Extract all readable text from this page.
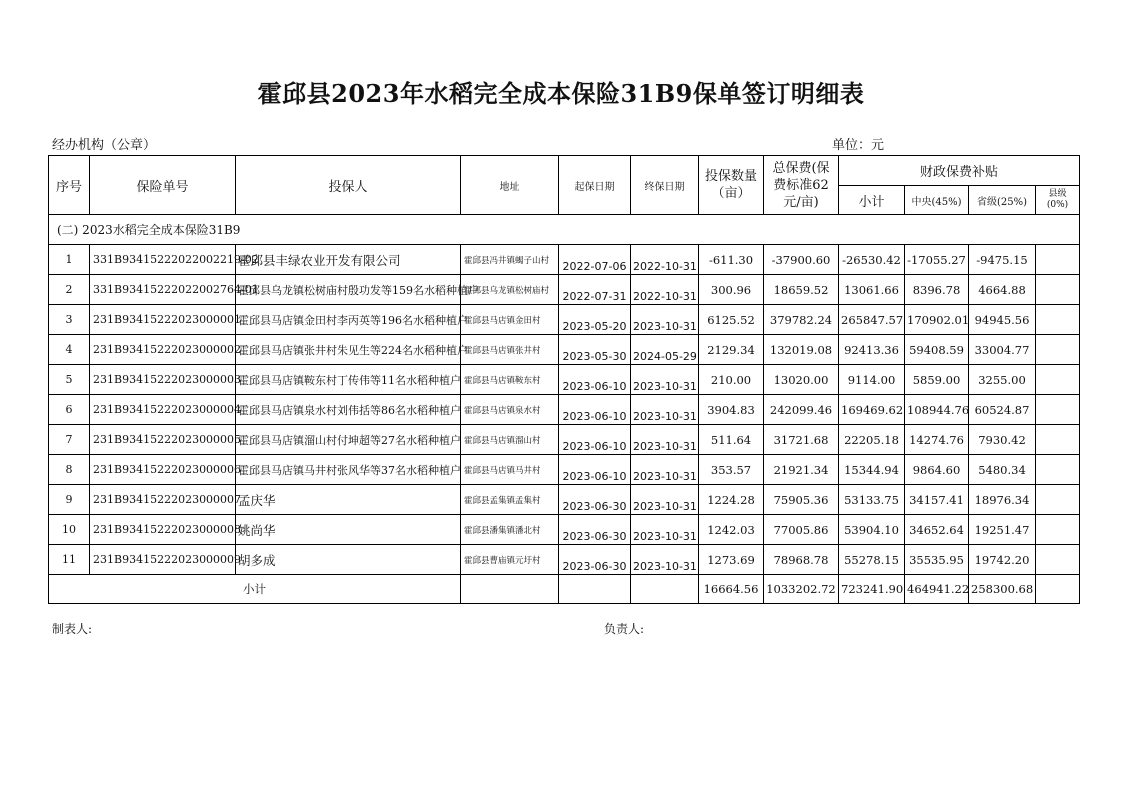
霍邱县2023年水稻完全成本保险31B9保单签订明细表
经办机构（公章）	单位：元
序号	保险单号	投保人	地址	起保日期	终保日期	投保数量（亩）	总保费(保费标准62元/亩)	财政保费补贴			
								小计	中央(45%)	省级(25%)	县级(0%)
(二) 2023水稻完全成本保险31B9											
1	331B93415222022002219-02	霍邱县丰绿农业开发有限公司	霍邱县冯井镇蝎子山村	2022-07-06	2022-10-31	-611.30	-37900.60	-26530.42	-17055.27	-9475.15	
2	331B93415222022002764-01	霍邱县乌龙镇松树庙村殷功发等159名水稻种植户	霍邱县乌龙镇松树庙村	2022-07-31	2022-10-31	300.96	18659.52	13061.66	8396.78	4664.88	
3	231B93415222023000001	霍邱县马店镇金田村李丙英等196名水稻种植户	霍邱县马店镇金田村	2023-05-20	2023-10-31	6125.52	379782.24	265847.57	170902.01	94945.56	
4	231B93415222023000002	霍邱县马店镇张井村朱见生等224名水稻种植户	霍邱县马店镇张井村	2023-05-30	2024-05-29	2129.34	132019.08	92413.36	59408.59	33004.77	
5	231B93415222023000003	霍邱县马店镇鞍东村丁传伟等11名水稻种植户	霍邱县马店镇鞍东村	2023-06-10	2023-10-31	210.00	13020.00	9114.00	5859.00	3255.00	
6	231B93415222023000004	霍邱县马店镇泉水村刘伟括等86名水稻种植户	霍邱县马店镇泉水村	2023-06-10	2023-10-31	3904.83	242099.46	169469.62	108944.76	60524.87	
7	231B93415222023000005	霍邱县马店镇溜山村付坤超等27名水稻种植户	霍邱县马店镇溜山村	2023-06-10	2023-10-31	511.64	31721.68	22205.18	14274.76	7930.42	
8	231B93415222023000006	霍邱县马店镇马井村张风华等37名水稻种植户	霍邱县马店镇马井村	2023-06-10	2023-10-31	353.57	21921.34	15344.94	9864.60	5480.34	
9	231B93415222023000007	孟庆华	霍邱县孟集镇孟集村	2023-06-30	2023-10-31	1224.28	75905.36	53133.75	34157.41	18976.34	
10	231B93415222023000008	姚尚华	霍邱县潘集镇潘北村	2023-06-30	2023-10-31	1242.03	77005.86	53904.10	34652.64	19251.47	
11	231B93415222023000009	胡多成	霍邱县曹庙镇元圩村	2023-06-30	2023-10-31	1273.69	78968.78	55278.15	35535.95	19742.20	
小计						16664.56	1033202.72	723241.90	464941.22	258300.68	
制表人:	负责人:
